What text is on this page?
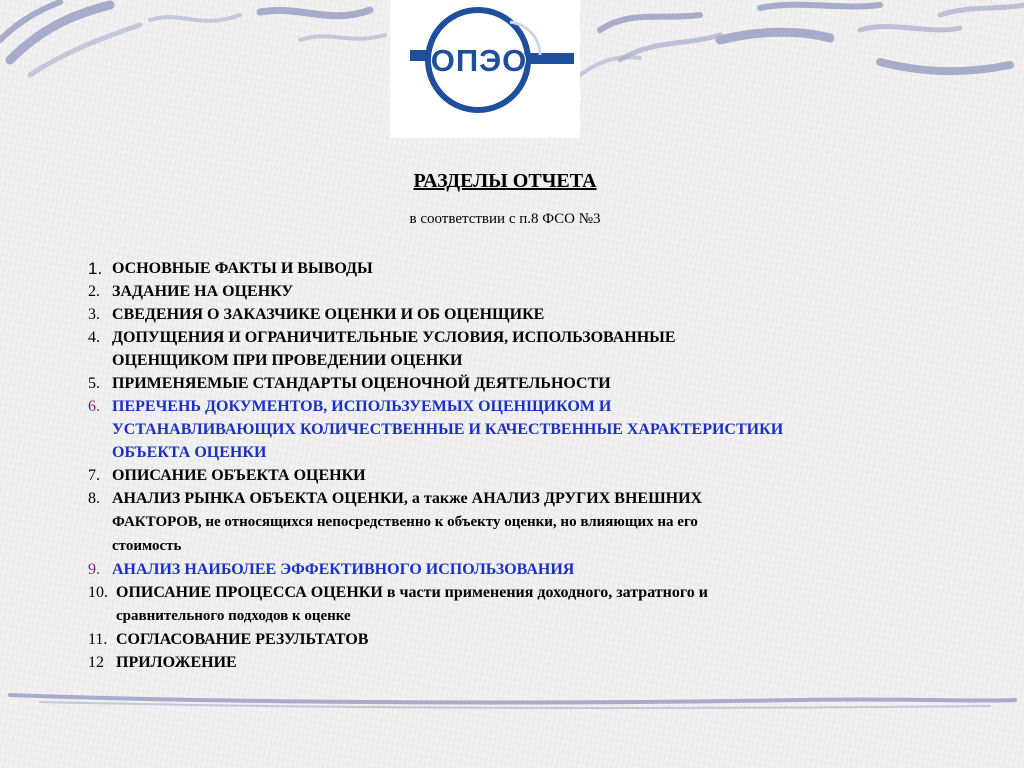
ОПЭО
РАЗДЕЛЫ ОТЧЕТА
в соответствии с п.8 ФСО №3
1. ОСНОВНЫЕ ФАКТЫ И ВЫВОДЫ
2. ЗАДАНИЕ НА ОЦЕНКУ
3. СВЕДЕНИЯ О ЗАКАЗЧИКЕ ОЦЕНКИ И ОБ ОЦЕНЩИКЕ
4. ДОПУЩЕНИЯ И ОГРАНИЧИТЕЛЬНЫЕ УСЛОВИЯ, ИСПОЛЬЗОВАННЫЕ
ОЦЕНЩИКОМ ПРИ ПРОВЕДЕНИИ ОЦЕНКИ
5. ПРИМЕНЯЕМЫЕ СТАНДАРТЫ ОЦЕНОЧНОЙ ДЕЯТЕЛЬНОСТИ
6. ПЕРЕЧЕНЬ ДОКУМЕНТОВ, ИСПОЛЬЗУЕМЫХ ОЦЕНЩИКОМ И
УСТАНАВЛИВАЮЩИХ КОЛИЧЕСТВЕННЫЕ И КАЧЕСТВЕННЫЕ ХАРАКТЕРИСТИКИ
ОБЪЕКТА ОЦЕНКИ
7. ОПИСАНИЕ ОБЪЕКТА ОЦЕНКИ
8. АНАЛИЗ РЫНКА ОБЪЕКТА ОЦЕНКИ, а также АНАЛИЗ ДРУГИХ ВНЕШНИХ
ФАКТОРОВ, не относящихся непосредственно к объекту оценки, но влияющих на его
стоимость
9. АНАЛИЗ НАИБОЛЕЕ ЭФФЕКТИВНОГО ИСПОЛЬЗОВАНИЯ
10. ОПИСАНИЕ ПРОЦЕССА ОЦЕНКИ в части применения доходного, затратного и
сравнительного подходов к оценке
11. СОГЛАСОВАНИЕ РЕЗУЛЬТАТОВ
12 ПРИЛОЖЕНИЕ
